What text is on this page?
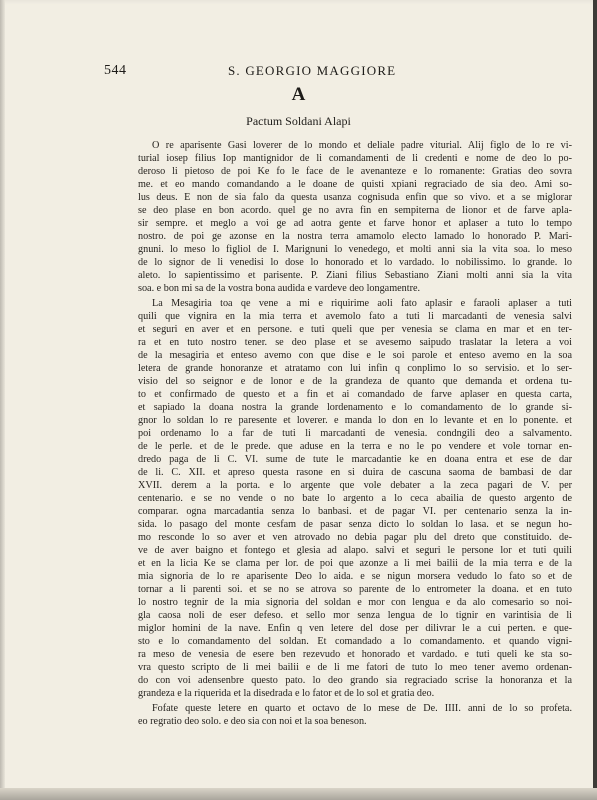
544	S. GEORGIO MAGGIORE
A
Pactum Soldani Alapi
O re aparisente Gasi loverer de lo mondo et deliale padre viturial. Alij figlo de lo re vi-
turial iosep filius Iop mantignidor de li comandamenti de li credenti e nome de deo lo po-
deroso li pietoso de poi Ke fo le face de le avenanteze e lo romanente: Gratias deo sovra
me. et eo mando comandando a le doane de quisti xpiani regraciado de sia deo. Ami so-
lus deus. E non de sia falo da questa usanza cognisuda enfin que so vivo. et a se miglorar
se deo plase en bon acordo. quel ge no avra fin en sempiterna de lionor et de farve apla-
sir sempre. et meglo a voi ge ad aotra gente et farve honor et aplaser a tuto lo tempo
nostro. de poi ge azonse en la nostra terra amamolo electo lamado lo honorado P. Mari-
gnuni. lo meso lo figliol de I. Marignuni lo venedego, et molti anni sia la vita soa. lo meso
de lo signor de li venedisi lo dose lo honorado et lo vardado. lo nobilissimo. lo grande. lo
aleto. lo sapientissimo et parisente. P. Ziani filius Sebastiano Ziani molti anni sia la vita
soa. e bon mi sa de la vostra bona audida e vardeve deo longamentre.
La Mesagiria toa qe vene a mi e riquirime aoli fato aplasir e faraoli aplaser a tuti
quili que vignira en la mia terra et avemolo fato a tuti li marcadanti de venesia salvi
et seguri en aver et en persone. e tuti queli que per venesia se clama en mar et en ter-
ra et en tuto nostro tener. se deo plase et se avesemo saipudo traslatar la letera a voi
de la mesagiria et enteso avemo con que dise e le soi parole et enteso avemo en la soa
letera de grande honoranze et atratamo con lui infin q conplimo lo so servisio. et lo ser-
visio del so seignor e de lonor e de la grandeza de quanto que demanda et ordena tu-
to et confirmado de questo et a fin et ai comandado de farve aplaser en questa carta,
et sapiado la doana nostra la grande lordenamento e lo comandamento de lo grande si-
gnor lo soldan lo re paresente et loverer. e manda lo don en lo levante et en lo ponente. et
poi ordenamo lo a far de tuti li marcadanti de venesia. condngili deo a salvamento.
de le perle. et de le prede. que aduse en la terra e no le po vendere et vole tornar en-
dredo paga de li C. VI. sume de tute le marcadantie ke en doana entra et ese de dar
de li. C. XII. et apreso questa rasone en si duira de cascuna saoma de bambasi de dar
XVII. derem a la porta. e lo argente que vole debater a la zeca pagari de V. per
centenario. e se no vende o no bate lo argento a lo ceca abailia de questo argento de
comparar. ogna marcadantia senza lo banbasi. et de pagar VI. per centenario senza la in-
sida. lo pasago del monte cesfam de pasar senza dicto lo soldan lo lasa. et se negun ho-
mo resconde lo so aver et ven atrovado no debia pagar plu del dreto que constituido. de-
ve de aver baigno et fontego et glesia ad alapo. salvi et seguri le persone lor et tuti quili
et en la licia Ke se clama per lor. de poi que azonze a li mei bailii de la mia terra e de la
mia signoria de lo re aparisente Deo lo aida. e se nigun morsera vedudo lo fato so et de
tornar a li parenti soi. et se no se atrova so parente de lo entrometer la doana. et en tuto
lo nostro tegnir de la mia signoria del soldan e mor con lengua e da alo comesario so noi-
gla caosa noli de eser defeso. et sello mor senza lengua de lo tignir en varintisia de li
miglor homini de la nave. Enfin q ven letere del dose per dilivrar le a cui perten. e que-
sto e lo comandamento del soldan. Et comandado a lo comandamento. et quando vigni-
ra meso de venesia de esere ben rezevudo et honorado et vardado. e tuti queli ke sta so-
vra questo scripto de li mei bailii e de li me fatori de tuto lo meo tener avemo ordenan-
do con voi adensenbre questo pato. lo deo grando sia regraciado scrise la honoranza et la
grandeza e la riquerida et la disedrada e lo fator et de lo sol et gratia deo.
Fofate queste letere en quarto et octavo de lo mese de De. IIII. anni de lo so profeta.
eo regratio deo solo. e deo sia con noi et la soa beneson.
